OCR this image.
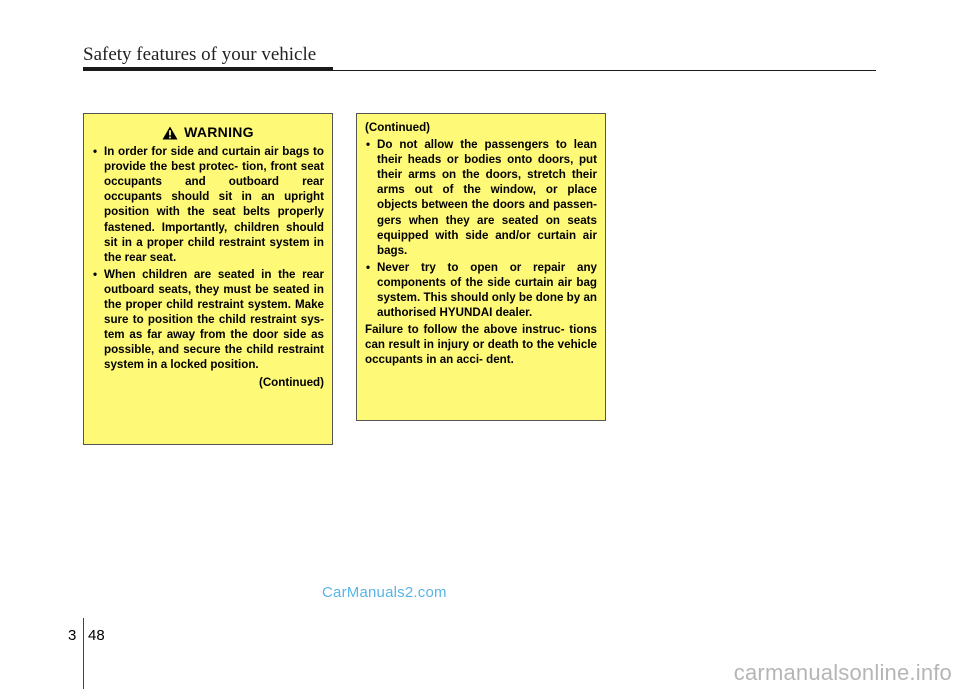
Safety features of your vehicle
WARNING
• In order for side and curtain air bags to provide the best protec- tion, front seat occupants and outboard rear occupants should sit in an upright position with the seat belts properly fastened. Importantly, children should sit in a proper child restraint system in the rear seat.
• When children are seated in the rear outboard seats, they must be seated in the proper child restraint system. Make sure to position the child restraint sys- tem as far away from the door side as possible, and secure the child restraint system in a locked position.
(Continued)
(Continued)
• Do not allow the passengers to lean their heads or bodies onto doors, put their arms on the doors, stretch their arms out of the window, or place objects between the doors and passen- gers when they are seated on seats equipped with side and/or curtain air bags.
• Never try to open or repair any components of the side curtain air bag system. This should only be done by an authorised HYUNDAI dealer.
Failure to follow the above instruc- tions can result in injury or death to the vehicle occupants in an acci- dent.
CarManuals2.com
3 48
carmanualsonline.info
